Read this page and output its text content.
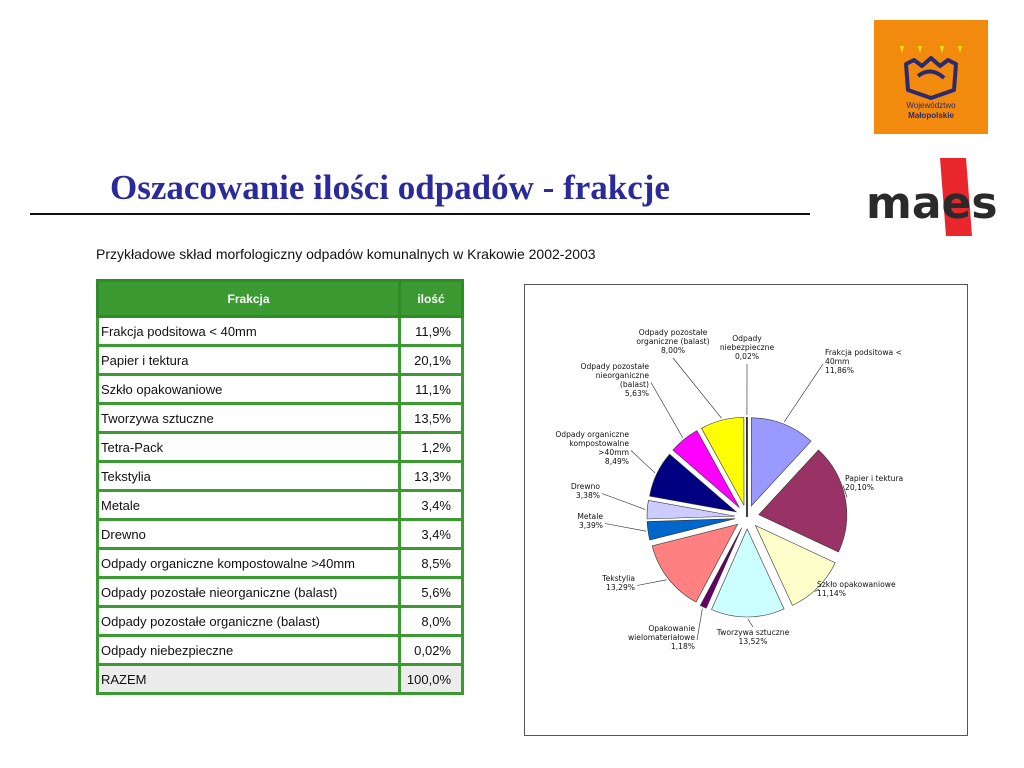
Województwo
Małopolskie
maes
Oszacowanie ilości odpadów - frakcje

Przykładowe skład morfologiczny odpadów komunalnych w Krakowie 2002-2003

Frakcja	ilość
Frakcja podsitowa < 40mm	11,9%
Papier i tektura	20,1%
Szkło opakowaniowe	11,1%
Tworzywa sztuczne	13,5%
Tetra-Pack	1,2%
Tekstylia	13,3%
Metale	3,4%
Drewno	3,4%
Odpady organiczne kompostowalne >40mm	8,5%
Odpady pozostałe nieorganiczne (balast)	5,6%
Odpady pozostałe organiczne (balast)	8,0%
Odpady niebezpieczne	0,02%
RAZEM	100,0%
Frakcja podsitowa < 40mm 11,86%
Papier i tektura 20,10%
Szkło opakowaniowe 11,14%
Tworzywa sztuczne 13,52%
Opakowanie wielomateriałowe 1,18%
Tekstylia 13,29%
Metale 3,39%
Drewno 3,38%
Odpady organiczne kompostowalne >40mm 8,49%
Odpady pozostałe nieorganiczne (balast) 5,63%
Odpady pozostałe organiczne (balast) 8,00%
Odpady niebezpieczne 0,02%
